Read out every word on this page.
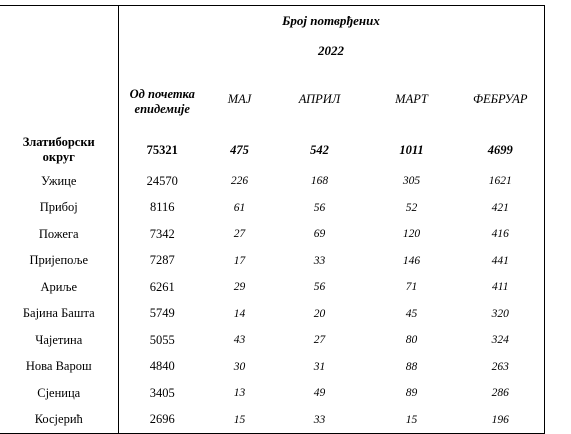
	Број потврђених				
	2022				

	Од почетка епидемије	МАЈ	АПРИЛ	МАРТ	ФЕБРУАР

Златиборски округ	75321	475	542	1011	4699
Ужице	24570	226	168	305	1621
Прибој	8116	61	56	52	421
Пожега	7342	27	69	120	416
Пријепоље	7287	17	33	146	441
Ариље	6261	29	56	71	411
Бајина Башта	5749	14	20	45	320
Чајетина	5055	43	27	80	324
Нова Варош	4840	30	31	88	263
Сјеница	3405	13	49	89	286
Косјерић	2696	15	33	15	196
